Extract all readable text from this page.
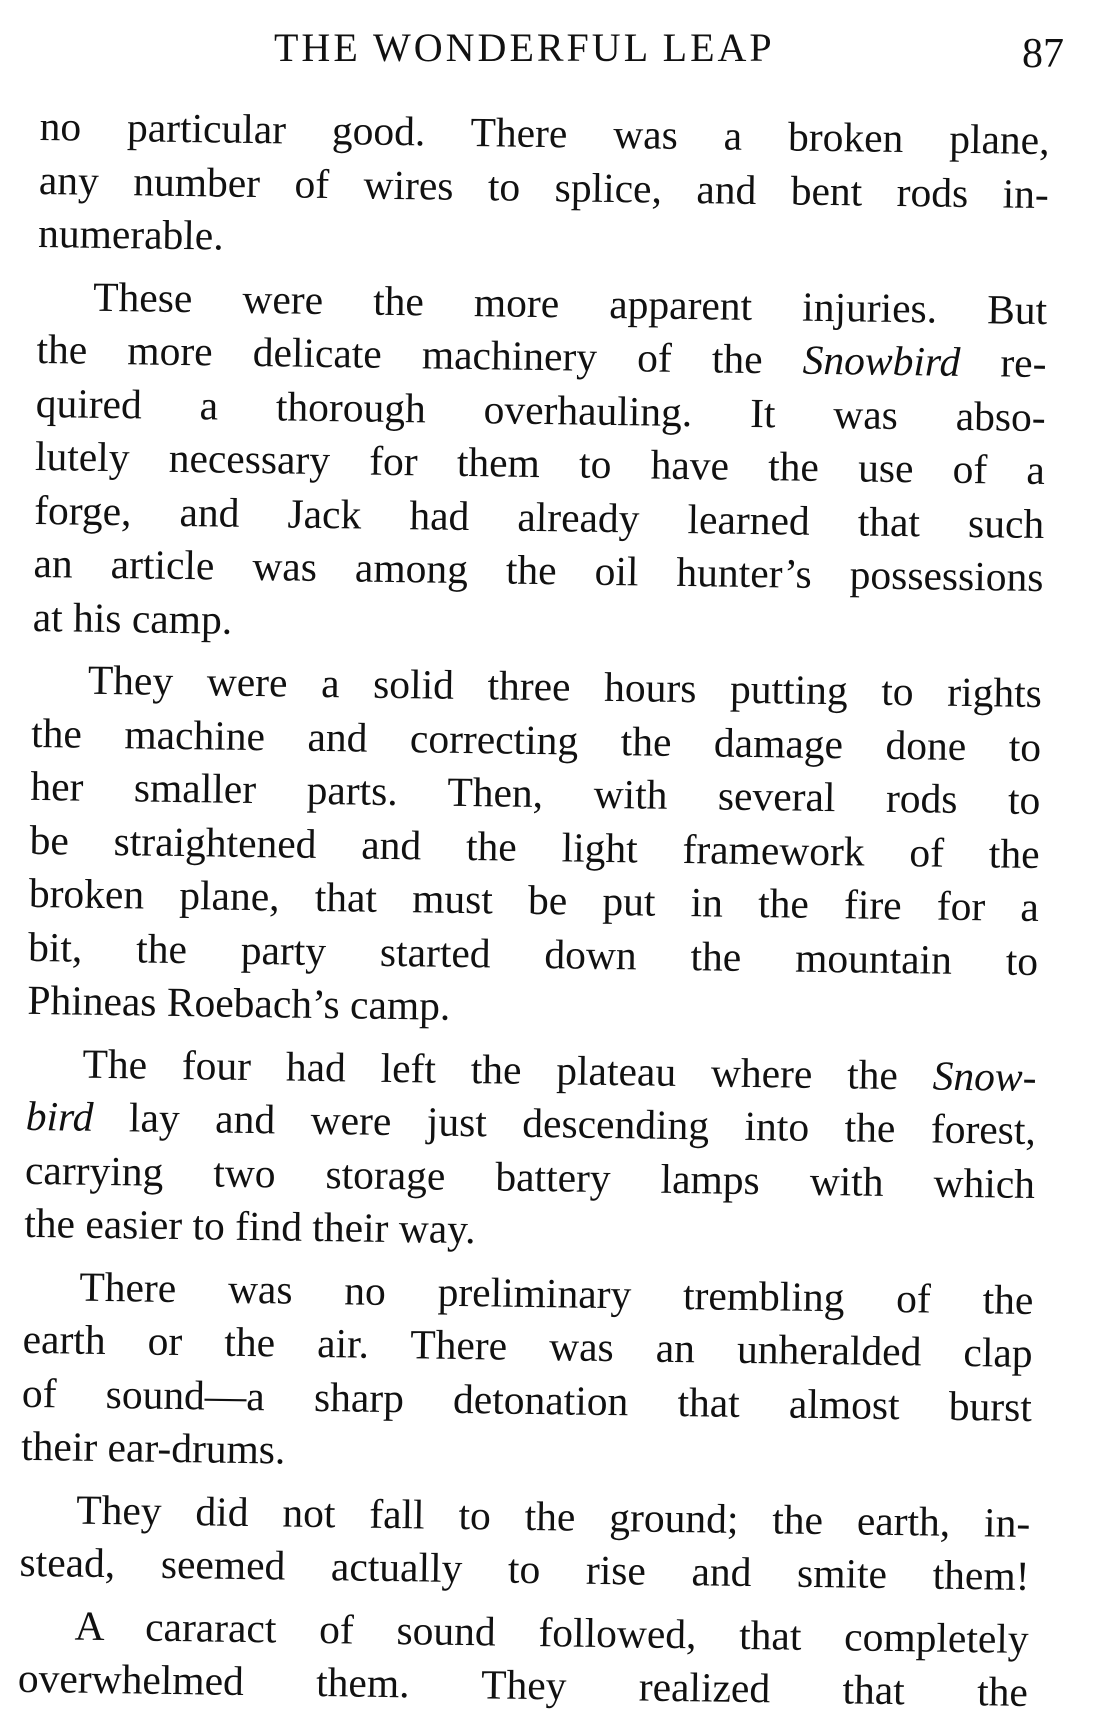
THE WONDERFUL LEAP	87

no particular good. There was a broken plane,
any number of wires to splice, and bent rods in-
numerable.

These were the more apparent injuries. But
the more delicate machinery of the Snowbird re-
quired a thorough overhauling. It was abso-
lutely necessary for them to have the use of a
forge, and Jack had already learned that such
an article was among the oil hunter’s possessions
at his camp.

They were a solid three hours putting to rights
the machine and correcting the damage done to
her smaller parts. Then, with several rods to
be straightened and the light framework of the
broken plane, that must be put in the fire for a
bit, the party started down the mountain to
Phineas Roebach’s camp.

The four had left the plateau where the Snow-
bird lay and were just descending into the forest,
carrying two storage battery lamps with which
the easier to find their way.

There was no preliminary trembling of the
earth or the air. There was an unheralded clap
of sound—a sharp detonation that almost burst
their ear-drums.

They did not fall to the ground; the earth, in-
stead, seemed actually to rise and smite them!

A cararact of sound followed, that completely
overwhelmed them. They realized that the
